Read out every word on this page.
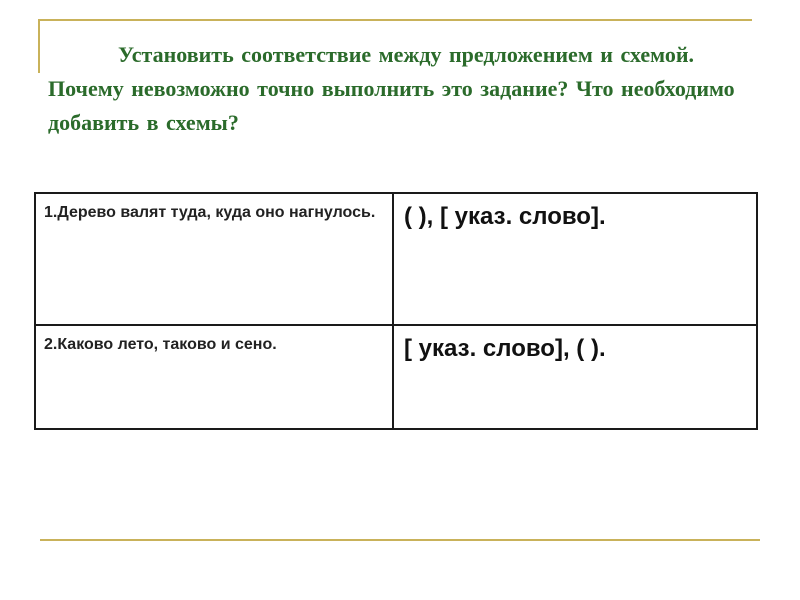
Установить соответствие между предложением и схемой. Почему невозможно точно выполнить это задание? Что необходимо добавить в схемы?

1.Дерево валят туда, куда оно нагнулось.	( ), [ указ. слово].

2.Каково лето, таково и сено.	[ указ. слово], ( ).
